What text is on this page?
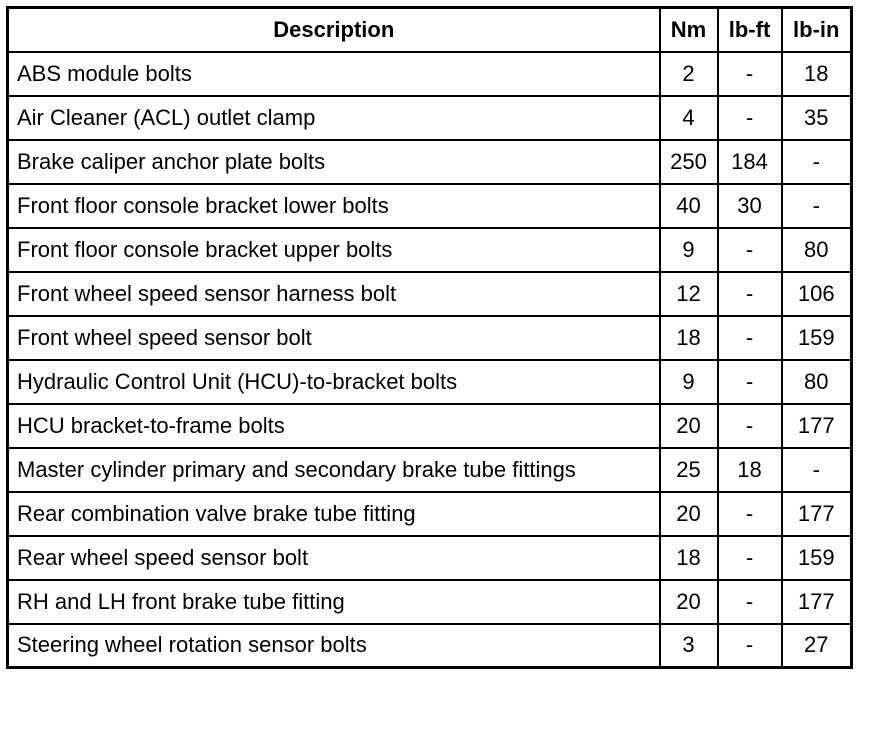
Description	Nm	lb-ft	lb-in
ABS module bolts	2	-	18
Air Cleaner (ACL) outlet clamp	4	-	35
Brake caliper anchor plate bolts	250	184	-
Front floor console bracket lower bolts	40	30	-
Front floor console bracket upper bolts	9	-	80
Front wheel speed sensor harness bolt	12	-	106
Front wheel speed sensor bolt	18	-	159
Hydraulic Control Unit (HCU)-to-bracket bolts	9	-	80
HCU bracket-to-frame bolts	20	-	177
Master cylinder primary and secondary brake tube fittings	25	18	-
Rear combination valve brake tube fitting	20	-	177
Rear wheel speed sensor bolt	18	-	159
RH and LH front brake tube fitting	20	-	177
Steering wheel rotation sensor bolts	3	-	27
